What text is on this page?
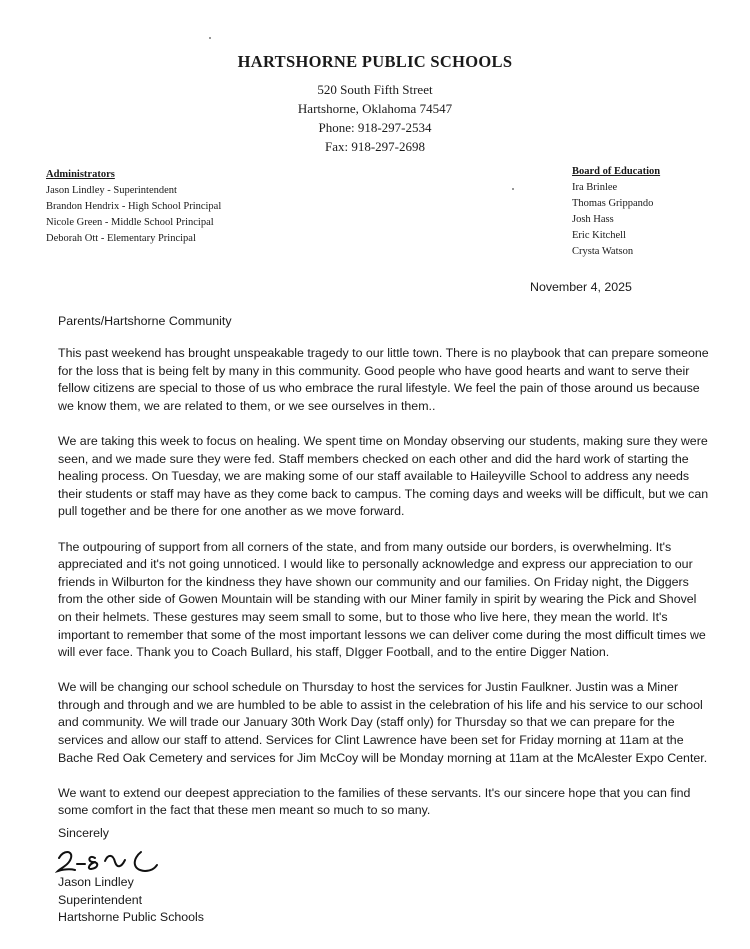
HARTSHORNE PUBLIC SCHOOLS
520 South Fifth Street
Hartshorne, Oklahoma 74547
Phone: 918-297-2534
Fax: 918-297-2698
Administrators
Jason Lindley - Superintendent
Brandon Hendrix - High School Principal
Nicole Green - Middle School Principal
Deborah Ott - Elementary Principal
Board of Education
Ira Brinlee
Thomas Grippando
Josh Hass
Eric Kitchell
Crysta Watson
November 4, 2025
Parents/Hartshorne Community

This past weekend has brought unspeakable tragedy to our little town. There is no playbook that can prepare someone for the loss that is being felt by many in this community. Good people who have good hearts and want to serve their fellow citizens are special to those of us who embrace the rural lifestyle. We feel the pain of those around us because we know them, we are related to them, or we see ourselves in them..

We are taking this week to focus on healing. We spent time on Monday observing our students, making sure they were seen, and we made sure they were fed. Staff members checked on each other and did the hard work of starting the healing process. On Tuesday, we are making some of our staff available to Haileyville School to address any needs their students or staff may have as they come back to campus. The coming days and weeks will be difficult, but we can pull together and be there for one another as we move forward.

The outpouring of support from all corners of the state, and from many outside our borders, is overwhelming. It's appreciated and it's not going unnoticed. I would like to personally acknowledge and express our appreciation to our friends in Wilburton for the kindness they have shown our community and our families. On Friday night, the Diggers from the other side of Gowen Mountain will be standing with our Miner family in spirit by wearing the Pick and Shovel on their helmets. These gestures may seem small to some, but to those who live here, they mean the world. It's important to remember that some of the most important lessons we can deliver come during the most difficult times we will ever face. Thank you to Coach Bullard, his staff, DIgger Football, and to the entire Digger Nation.

We will be changing our school schedule on Thursday to host the services for Justin Faulkner. Justin was a Miner through and through and we are humbled to be able to assist in the celebration of his life and his service to our school and community. We will trade our January 30th Work Day (staff only) for Thursday so that we can prepare for the services and allow our staff to attend. Services for Clint Lawrence have been set for Friday morning at 11am at the Bache Red Oak Cemetery and services for Jim McCoy will be Monday morning at 11am at the McAlester Expo Center.

We want to extend our deepest appreciation to the families of these servants. It's our sincere hope that you can find some comfort in the fact that these men meant so much to so many.

Sincerely
Jason Lindley
Superintendent
Hartshorne Public Schools
